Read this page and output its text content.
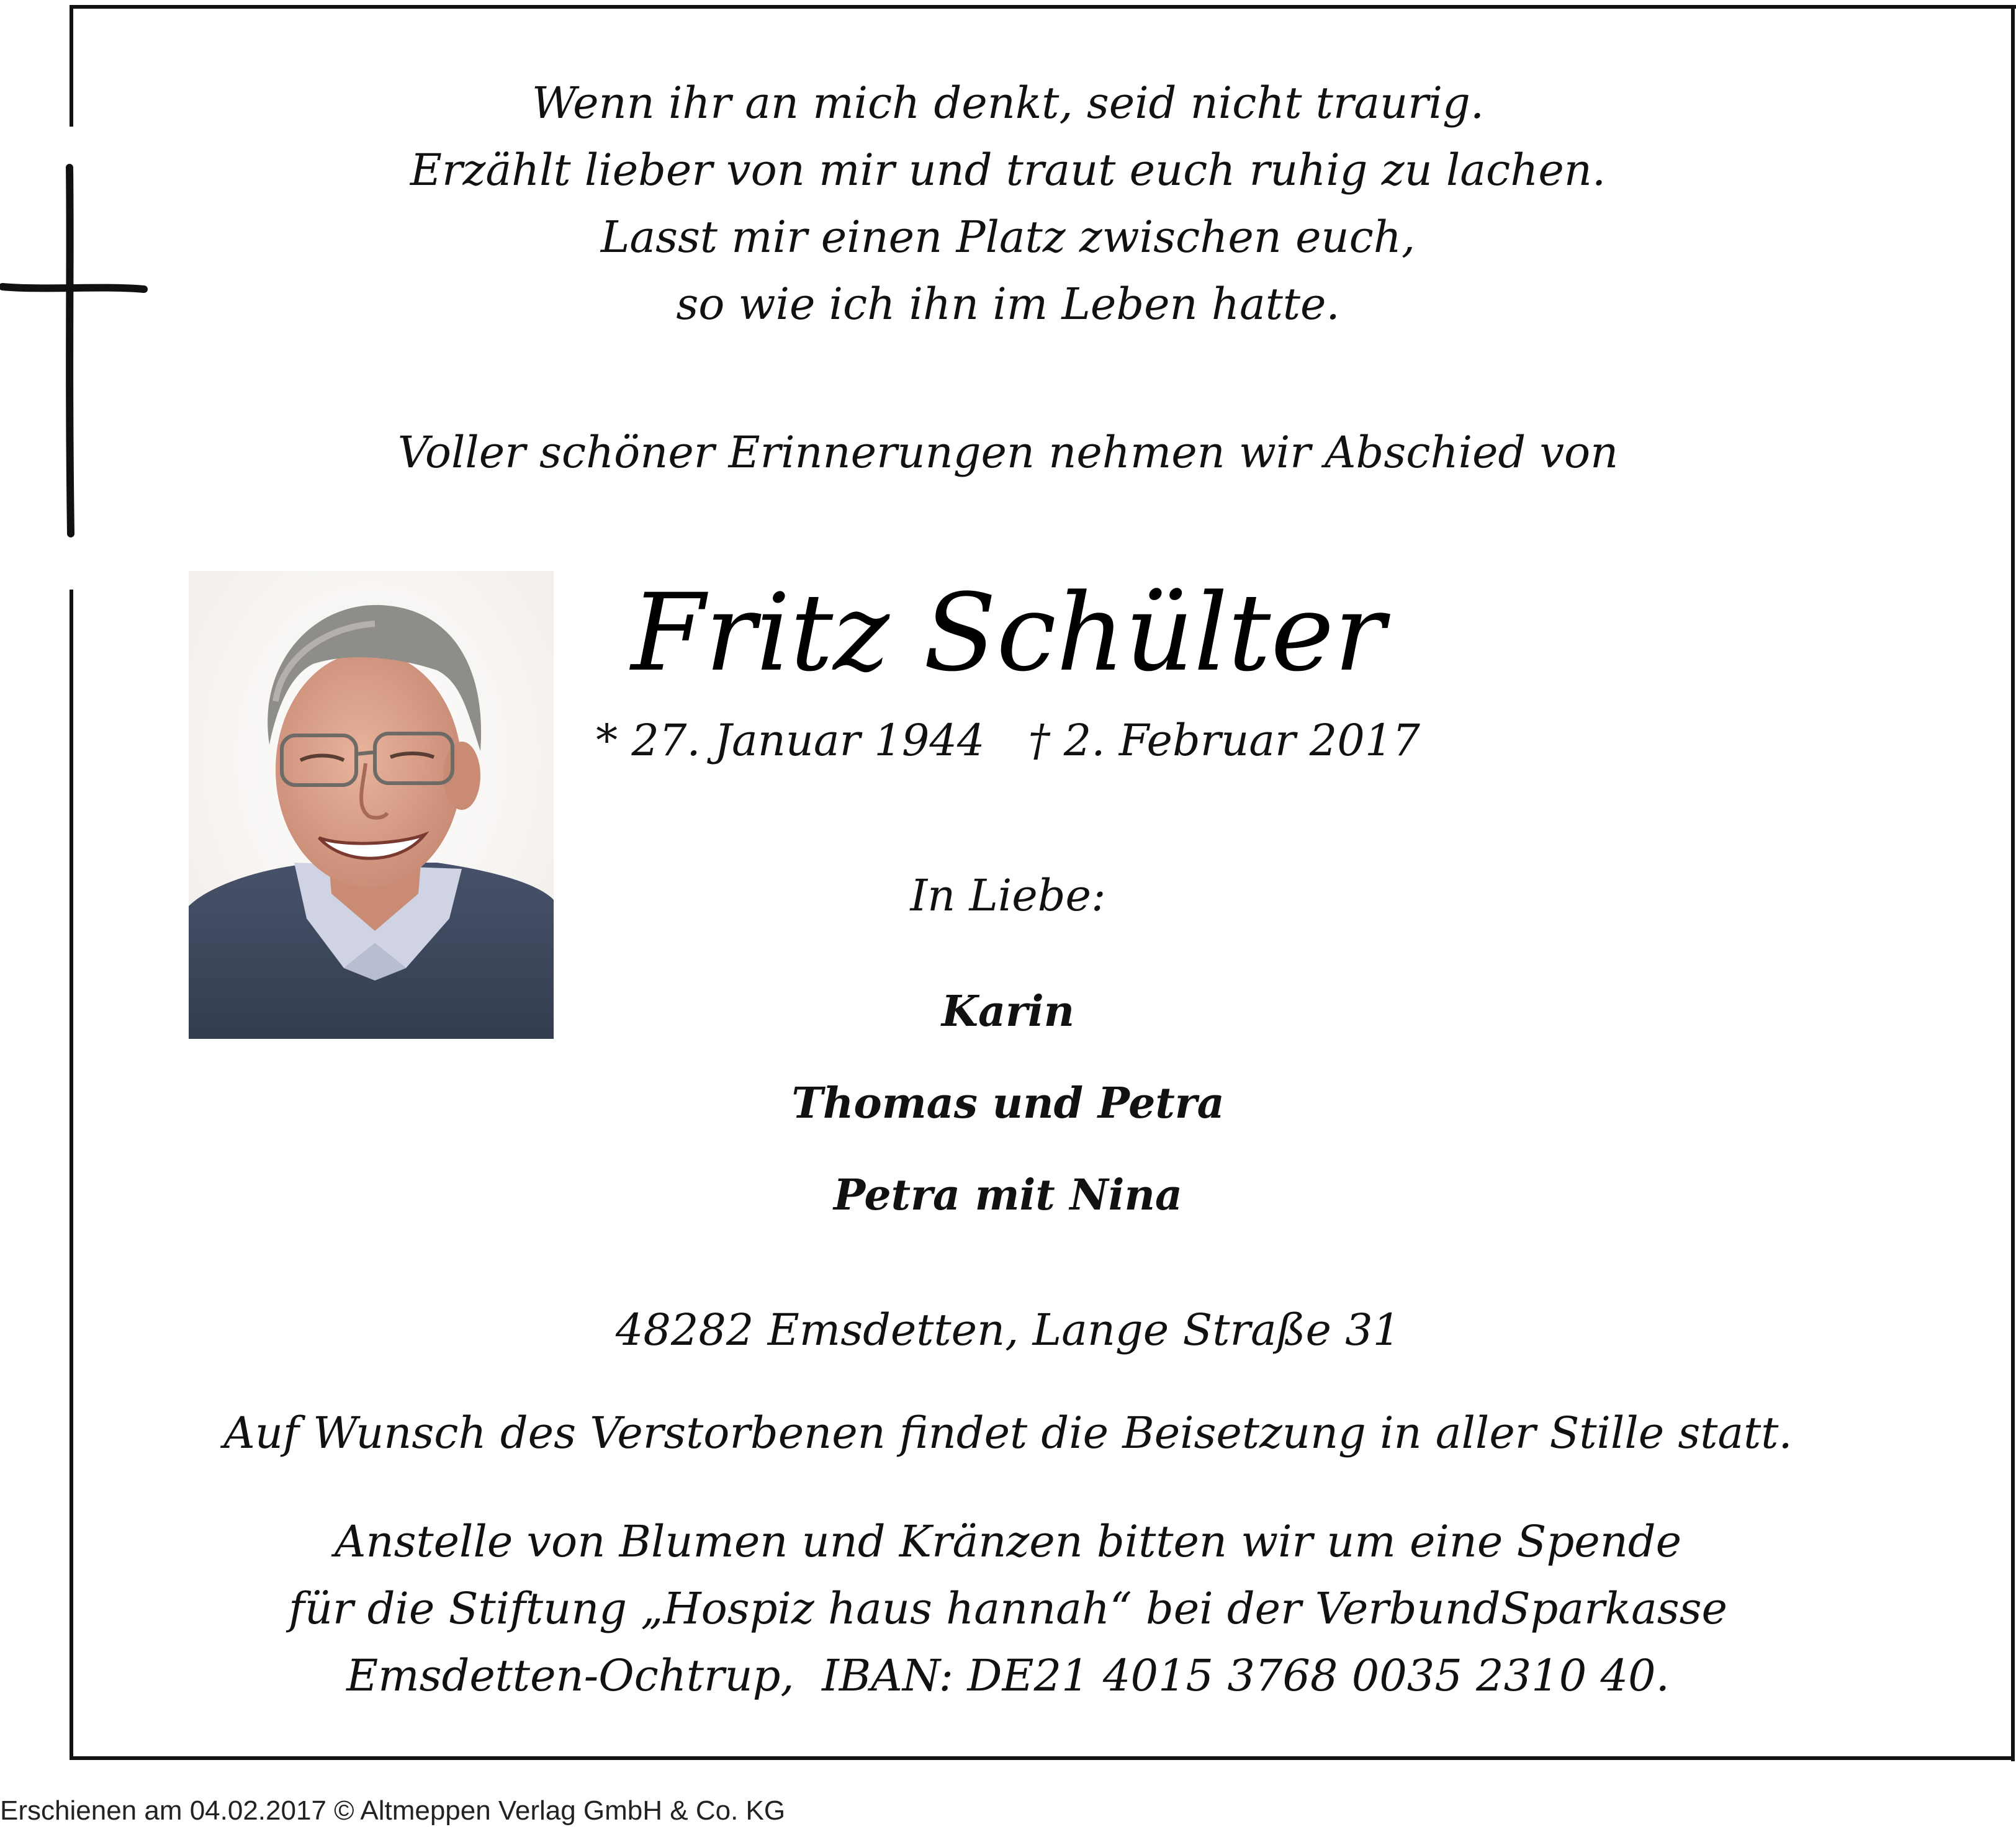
Wenn ihr an mich denkt, seid nicht traurig.
Erzählt lieber von mir und traut euch ruhig zu lachen.
Lasst mir einen Platz zwischen euch,
so wie ich ihn im Leben hatte.
Voller schöner Erinnerungen nehmen wir Abschied von
Fritz Schülter
* 27. Januar 1944 † 2. Februar 2017
In Liebe:
Karin
Thomas und Petra
Petra mit Nina
48282 Emsdetten, Lange Straße 31
Auf Wunsch des Verstorbenen findet die Beisetzung in aller Stille statt.
Anstelle von Blumen und Kränzen bitten wir um eine Spende
für die Stiftung „Hospiz haus hannah“ bei der VerbundSparkasse
Emsdetten-Ochtrup,  IBAN: DE21 4015 3768 0035 2310 40.
Erschienen am 04.02.2017 © Altmeppen Verlag GmbH & Co. KG
